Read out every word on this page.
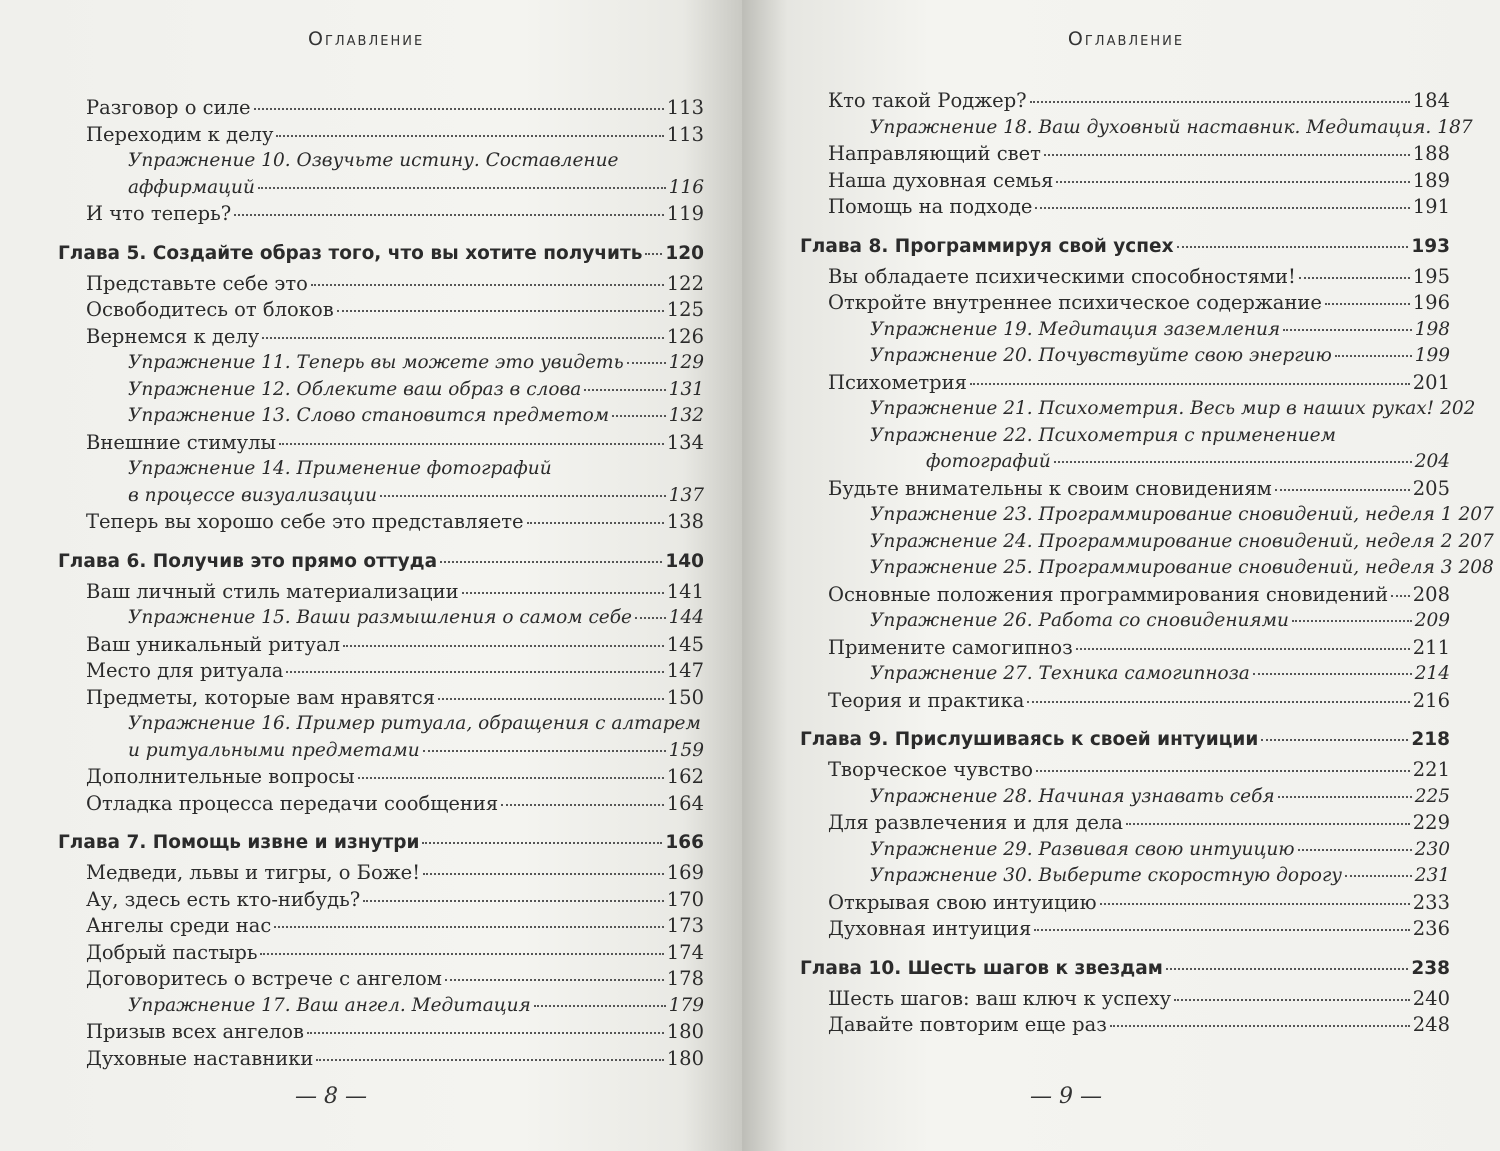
Оглавление
Разговор о силе	113
Переходим к делу	113
Упражнение 10. Озвучьте истину. Составление
аффирмаций	116
И что теперь?	119
Глава 5. Создайте образ того, что вы хотите получить 120
Представьте себе это	122
Освободитесь от блоков	125
Вернемся к делу	126
Упражнение 11. Теперь вы можете это увидеть 129
Упражнение 12. Облеките ваш образ в слова	131
Упражнение 13. Слово становится предметом	132
Внешние стимулы	134
Упражнение 14. Применение фотографий
в процессе визуализации	137
Теперь вы хорошо себе это представляете	138
Глава 6. Получив это прямо оттуда	140
Ваш личный стиль материализации	141
Упражнение 15. Ваши размышления о самом себе 144
Ваш уникальный ритуал	145
Место для ритуала	147
Предметы, которые вам нравятся	150
Упражнение 16. Пример ритуала, обращения с алтарем
и ритуальными предметами	159
Дополнительные вопросы	162
Отладка процесса передачи сообщения	164
Глава 7. Помощь извне и изнутри	166
Медведи, львы и тигры, о Боже!	169
Ау, здесь есть кто-нибудь?	170
Ангелы среди нас	173
Добрый пастырь	174
Договоритесь о встрече с ангелом	178
Упражнение 17. Ваш ангел. Медитация	179
Призыв всех ангелов	180
Духовные наставники	180
— 8 —
Оглавление
Кто такой Роджер?	184
Упражнение 18. Ваш духовный наставник. Медитация. 187
Направляющий свет	188
Наша духовная семья	189
Помощь на подходе	191
Глава 8. Программируя свой успех	193
Вы обладаете психическими способностями!	195
Откройте внутреннее психическое содержание	196
Упражнение 19. Медитация заземления	198
Упражнение 20. Почувствуйте свою энергию	199
Психометрия	201
Упражнение 21. Психометрия. Весь мир в наших руках! 202
Упражнение 22. Психометрия с применением
фотографий	204
Будьте внимательны к своим сновидениям	205
Упражнение 23. Программирование сновидений, неделя 1 207
Упражнение 24. Программирование сновидений, неделя 2 207
Упражнение 25. Программирование сновидений, неделя 3 208
Основные положения программирования сновидений 208
Упражнение 26. Работа со сновидениями	209
Примените самогипноз	211
Упражнение 27. Техника самогипноза	214
Теория и практика	216
Глава 9. Прислушиваясь к своей интуиции	218
Творческое чувство	221
Упражнение 28. Начиная узнавать себя	225
Для развлечения и для дела	229
Упражнение 29. Развивая свою интуицию	230
Упражнение 30. Выберите скоростную дорогу	231
Открывая свою интуицию	233
Духовная интуиция	236
Глава 10. Шесть шагов к звездам	238
Шесть шагов: ваш ключ к успеху	240
Давайте повторим еще раз	248
— 9 —
